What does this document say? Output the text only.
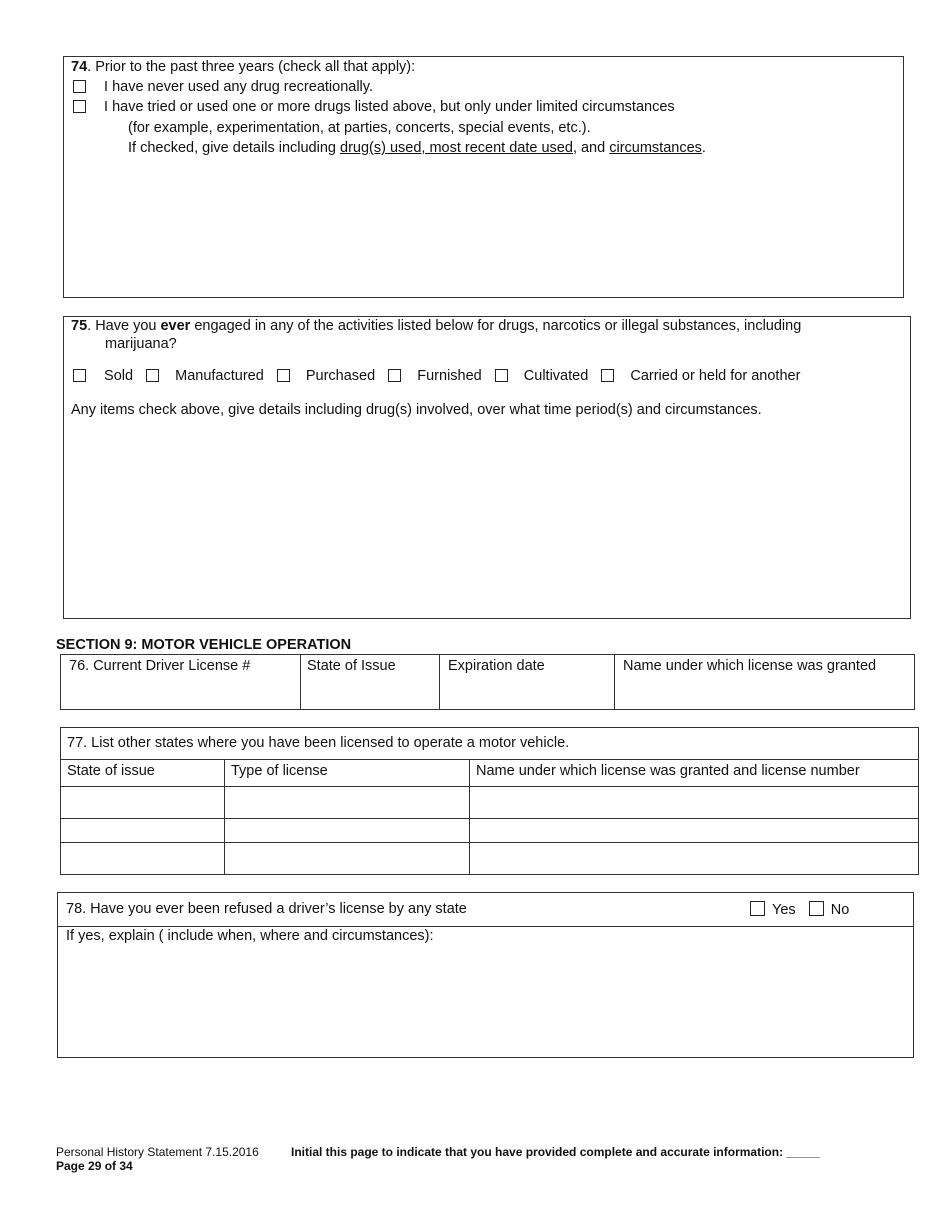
74. Prior to the past three years (check all that apply):
I have never used any drug recreationally.
I have tried or used one or more drugs listed above, but only under limited circumstances
(for example, experimentation, at parties, concerts, special events, etc.).
If checked, give details including drug(s) used, most recent date used, and circumstances.
75. Have you ever engaged in any of the activities listed below for drugs, narcotics or illegal substances, including
marijuana?
Sold	Manufactured	Purchased	Furnished	Cultivated	Carried or held for another
Any items check above, give details including drug(s) involved, over what time period(s) and circumstances.
SECTION 9: MOTOR VEHICLE OPERATION
76. Current Driver License #	State of Issue	Expiration date	Name under which license was granted
77. List other states where you have been licensed to operate a motor vehicle.		
State of issue	Type of license	Name under which license was granted and license number

78. Have you ever been refused a driver’s license by any state	Yes No
If yes, explain ( include when, where and circumstances):
Personal History Statement 7.15.2016	Initial this page to indicate that you have provided complete and accurate information: _____
Page 29 of 34
